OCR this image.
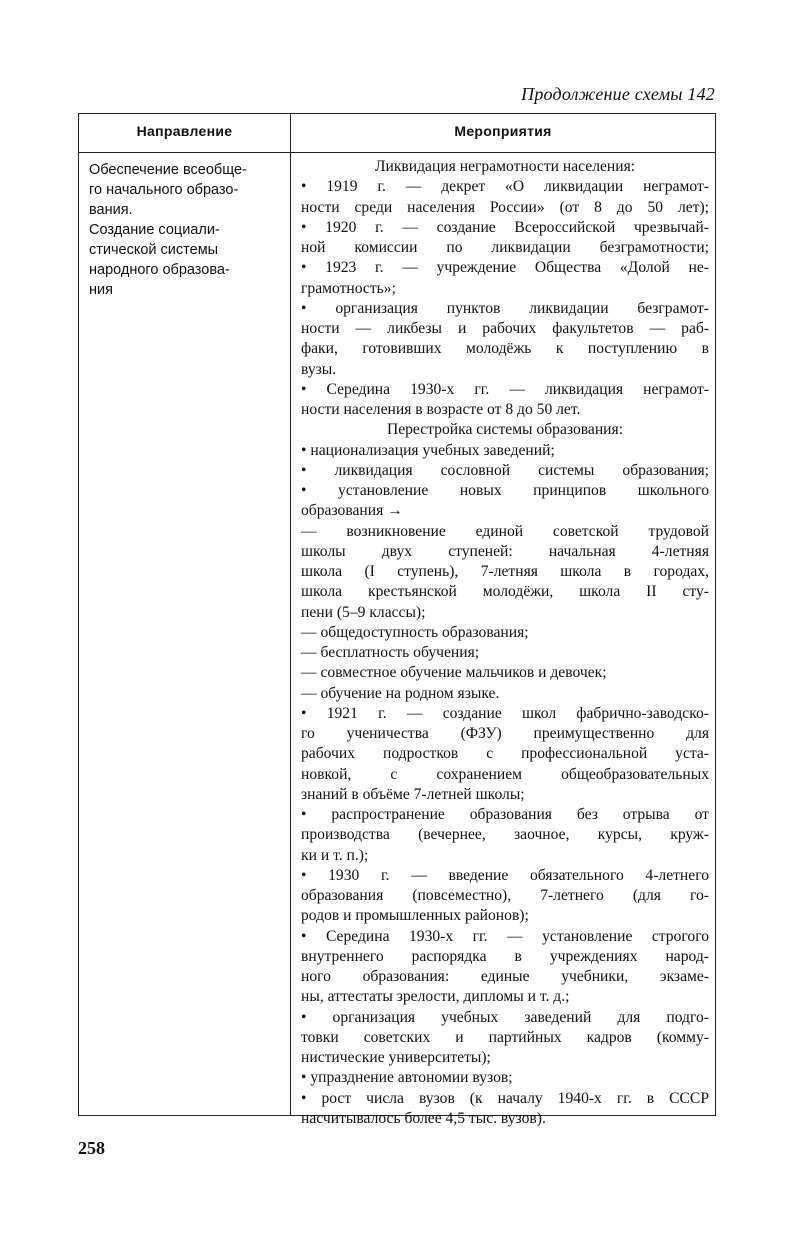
Продолжение схемы 142
Направление	Мероприятия
Обеспечение всеобще-
го начального образо-
вания.
Создание социали-
стической системы
народного образова-
ния
Ликвидация неграмотности населения:
• 1919 г. — декрет «О ликвидации неграмот-
ности среди населения России» (от 8 до 50 лет);
• 1920 г. — создание Всероссийской чрезвычай-
ной комиссии по ликвидации безграмотности;
• 1923 г. — учреждение Общества «Долой не-
грамотность»;
• организация пунктов ликвидации безграмот-
ности — ликбезы и рабочих факультетов — раб-
факи, готовивших молодёжь к поступлению в
вузы.
• Середина 1930-х гг. — ликвидация неграмот-
ности населения в возрасте от 8 до 50 лет.
Перестройка системы образования:
• национализация учебных заведений;
• ликвидация сословной системы образования;
• установление новых принципов школьного
образования →
— возникновение единой советской трудовой
школы двух ступеней: начальная 4-летняя
школа (I ступень), 7-летняя школа в городах,
школа крестьянской молодёжи, школа II сту-
пени (5–9 классы);
— общедоступность образования;
— бесплатность обучения;
— совместное обучение мальчиков и девочек;
— обучение на родном языке.
• 1921 г. — создание школ фабрично-заводско-
го ученичества (ФЗУ) преимущественно для
рабочих подростков с профессиональной уста-
новкой, с сохранением общеобразовательных
знаний в объёме 7-летней школы;
• распространение образования без отрыва от
производства (вечернее, заочное, курсы, круж-
ки и т. п.);
• 1930 г. — введение обязательного 4-летнего
образования (повсеместно), 7-летнего (для го-
родов и промышленных районов);
• Середина 1930-х гг. — установление строгого
внутреннего распорядка в учреждениях народ-
ного образования: единые учебники, экзаме-
ны, аттестаты зрелости, дипломы и т. д.;
• организация учебных заведений для подго-
товки советских и партийных кадров (комму-
нистические университеты);
• упразднение автономии вузов;
• рост числа вузов (к началу 1940-х гг. в СССР
насчитывалось более 4,5 тыс. вузов).
258
